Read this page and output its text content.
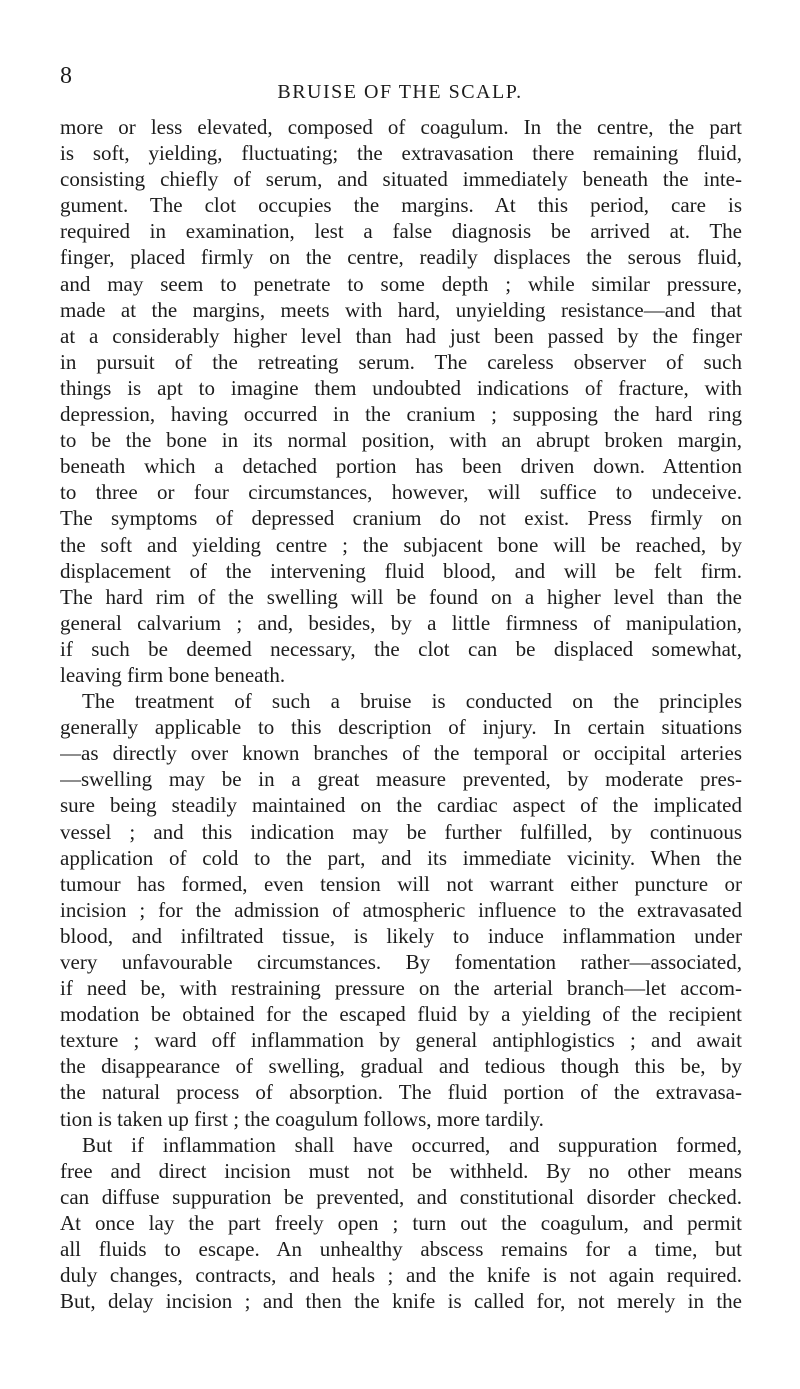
8
BRUISE OF THE SCALP.
more or less elevated, composed of coagulum. In the centre, the part
is soft, yielding, fluctuating; the extravasation there remaining fluid,
consisting chiefly of serum, and situated immediately beneath the inte-
gument. The clot occupies the margins. At this period, care is
required in examination, lest a false diagnosis be arrived at. The
finger, placed firmly on the centre, readily displaces the serous fluid,
and may seem to penetrate to some depth ; while similar pressure,
made at the margins, meets with hard, unyielding resistance—and that
at a considerably higher level than had just been passed by the finger
in pursuit of the retreating serum. The careless observer of such
things is apt to imagine them undoubted indications of fracture, with
depression, having occurred in the cranium ; supposing the hard ring
to be the bone in its normal position, with an abrupt broken margin,
beneath which a detached portion has been driven down. Attention
to three or four circumstances, however, will suffice to undeceive.
The symptoms of depressed cranium do not exist. Press firmly on
the soft and yielding centre ; the subjacent bone will be reached, by
displacement of the intervening fluid blood, and will be felt firm.
The hard rim of the swelling will be found on a higher level than the
general calvarium ; and, besides, by a little firmness of manipulation,
if such be deemed necessary, the clot can be displaced somewhat,
leaving firm bone beneath.
The treatment of such a bruise is conducted on the principles
generally applicable to this description of injury. In certain situations
—as directly over known branches of the temporal or occipital arteries
—swelling may be in a great measure prevented, by moderate pres-
sure being steadily maintained on the cardiac aspect of the implicated
vessel ; and this indication may be further fulfilled, by continuous
application of cold to the part, and its immediate vicinity. When the
tumour has formed, even tension will not warrant either puncture or
incision ; for the admission of atmospheric influence to the extravasated
blood, and infiltrated tissue, is likely to induce inflammation under
very unfavourable circumstances. By fomentation rather—associated,
if need be, with restraining pressure on the arterial branch—let accom-
modation be obtained for the escaped fluid by a yielding of the recipient
texture ; ward off inflammation by general antiphlogistics ; and await
the disappearance of swelling, gradual and tedious though this be, by
the natural process of absorption. The fluid portion of the extravasa-
tion is taken up first ; the coagulum follows, more tardily.
But if inflammation shall have occurred, and suppuration formed,
free and direct incision must not be withheld. By no other means
can diffuse suppuration be prevented, and constitutional disorder checked.
At once lay the part freely open ; turn out the coagulum, and permit
all fluids to escape. An unhealthy abscess remains for a time, but
duly changes, contracts, and heals ; and the knife is not again required.
But, delay incision ; and then the knife is called for, not merely in the
